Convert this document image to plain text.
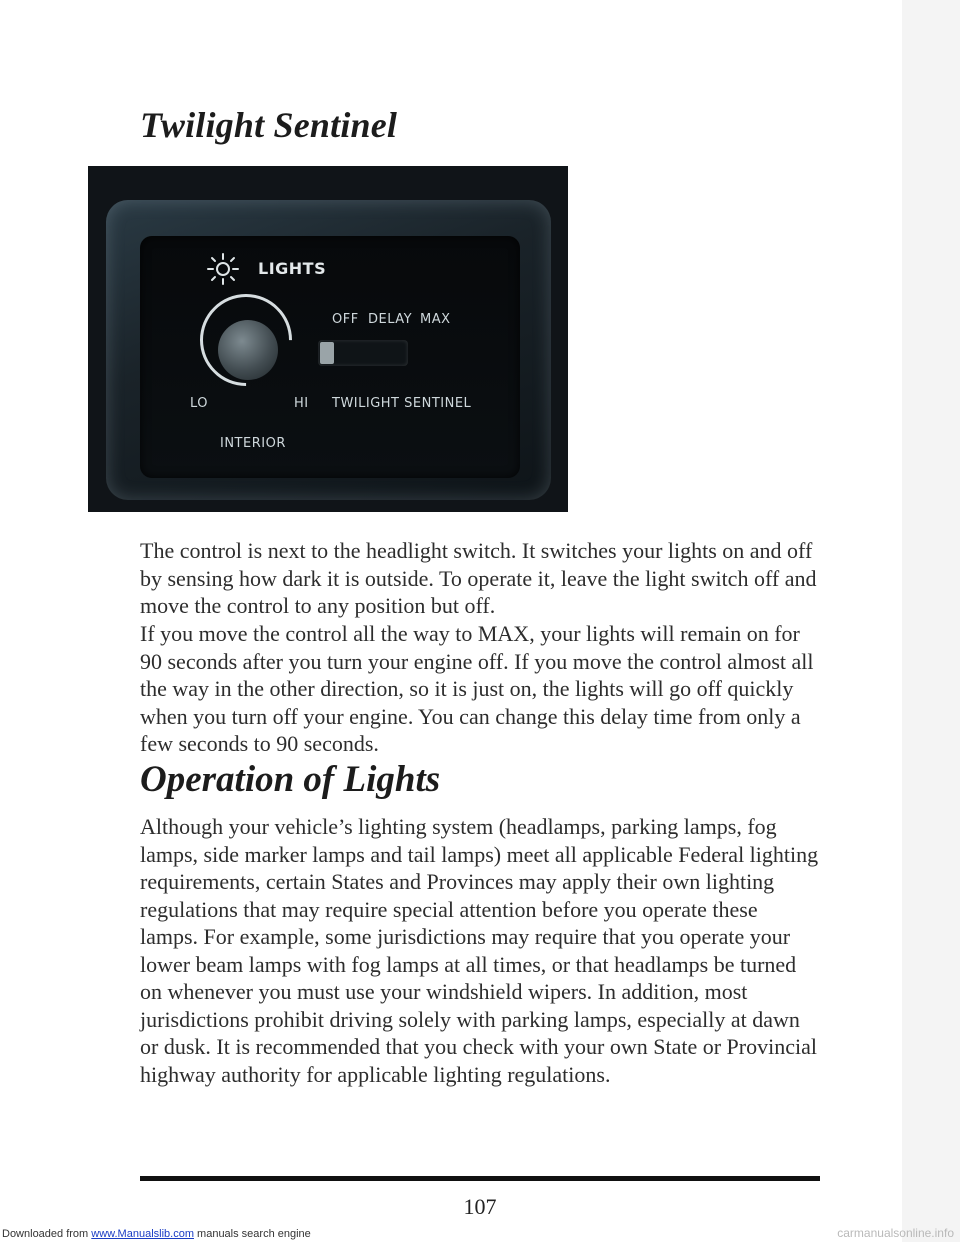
Twilight Sentinel
LIGHTS
LO	HI
INTERIOR
OFF DELAY MAX
TWILIGHT SENTINEL

The control is next to the headlight switch. It switches your lights on and off by sensing how dark it is outside. To operate it, leave the light switch off and move the control to any position but off.

If you move the control all the way to MAX, your lights will remain on for 90 seconds after you turn your engine off. If you move the control almost all the way in the other direction, so it is just on, the lights will go off quickly when you turn off your engine. You can change this delay time from only a few seconds to 90 seconds.

Operation of Lights

Although your vehicle’s lighting system (headlamps, parking lamps, fog lamps, side marker lamps and tail lamps) meet all applicable Federal lighting requirements, certain States and Provinces may apply their own lighting regulations that may require special attention before you operate these lamps. For example, some jurisdictions may require that you operate your lower beam lamps with fog lamps at all times, or that headlamps be turned on whenever you must use your windshield wipers. In addition, most jurisdictions prohibit driving solely with parking lamps, especially at dawn or dusk. It is recommended that you check with your own State or Provincial highway authority for applicable lighting regulations.

107
Downloaded from www.Manualslib.com manuals search engine	carmanualsonline.info
